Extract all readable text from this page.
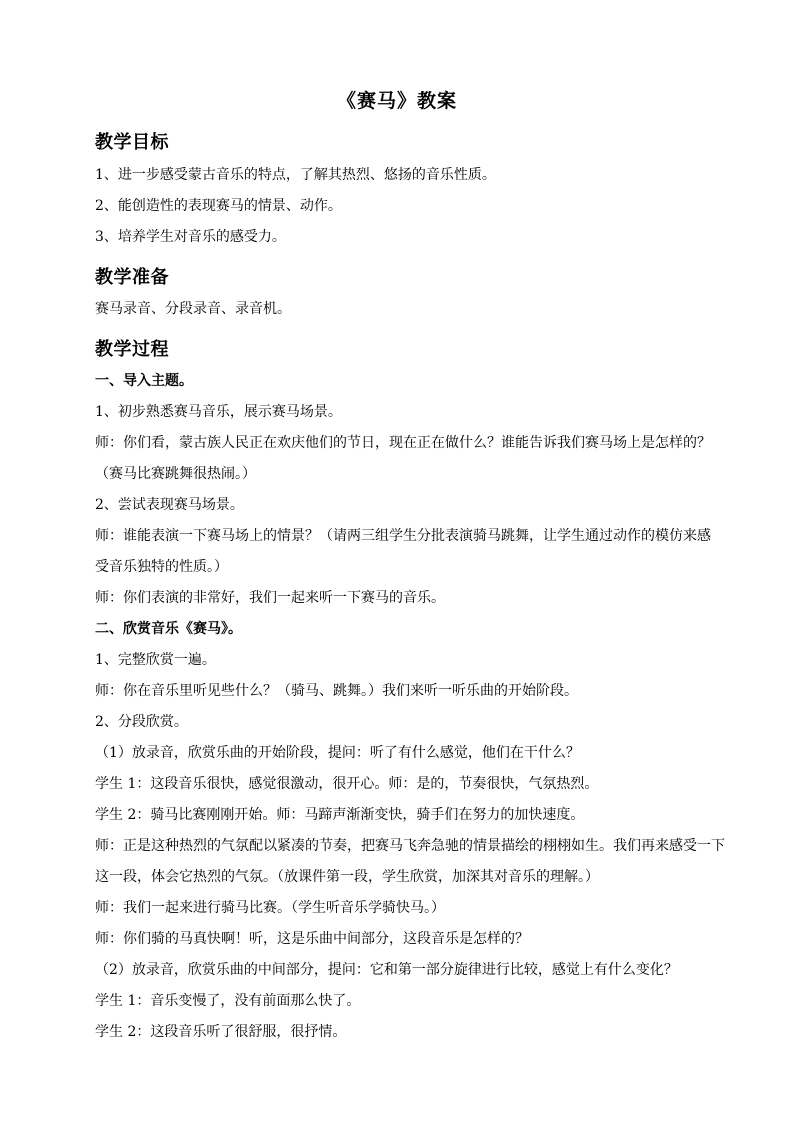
《赛马》教案
教学目标
1、进一步感受蒙古音乐的特点，了解其热烈、悠扬的音乐性质。
2、能创造性的表现赛马的情景、动作。
3、培养学生对音乐的感受力。
教学准备
赛马录音、分段录音、录音机。
教学过程
一、导入主题。
1、初步熟悉赛马音乐，展示赛马场景。
师：你们看，蒙古族人民正在欢庆他们的节日，现在正在做什么？谁能告诉我们赛马场上是怎样的？
（赛马比赛跳舞很热闹。）
2、尝试表现赛马场景。
师：谁能表演一下赛马场上的情景？（请两三组学生分批表演骑马跳舞，让学生通过动作的模仿来感
受音乐独特的性质。）
师：你们表演的非常好，我们一起来听一下赛马的音乐。
二、欣赏音乐《赛马》。
1、完整欣赏一遍。
师：你在音乐里听见些什么？（骑马、跳舞。）我们来听一听乐曲的开始阶段。
2、分段欣赏。
（1）放录音，欣赏乐曲的开始阶段，提问：听了有什么感觉，他们在干什么？
学生 1：这段音乐很快，感觉很激动，很开心。师：是的，节奏很快，气氛热烈。
学生 2：骑马比赛刚刚开始。师：马蹄声渐渐变快，骑手们在努力的加快速度。
师：正是这种热烈的气氛配以紧凑的节奏，把赛马飞奔急驰的情景描绘的栩栩如生。我们再来感受一下
这一段，体会它热烈的气氛。（放课件第一段，学生欣赏，加深其对音乐的理解。）
师：我们一起来进行骑马比赛。（学生听音乐学骑快马。）
师：你们骑的马真快啊！听，这是乐曲中间部分，这段音乐是怎样的？
（2）放录音，欣赏乐曲的中间部分，提问：它和第一部分旋律进行比较，感觉上有什么变化？
学生 1：音乐变慢了，没有前面那么快了。
学生 2：这段音乐听了很舒服，很抒情。
